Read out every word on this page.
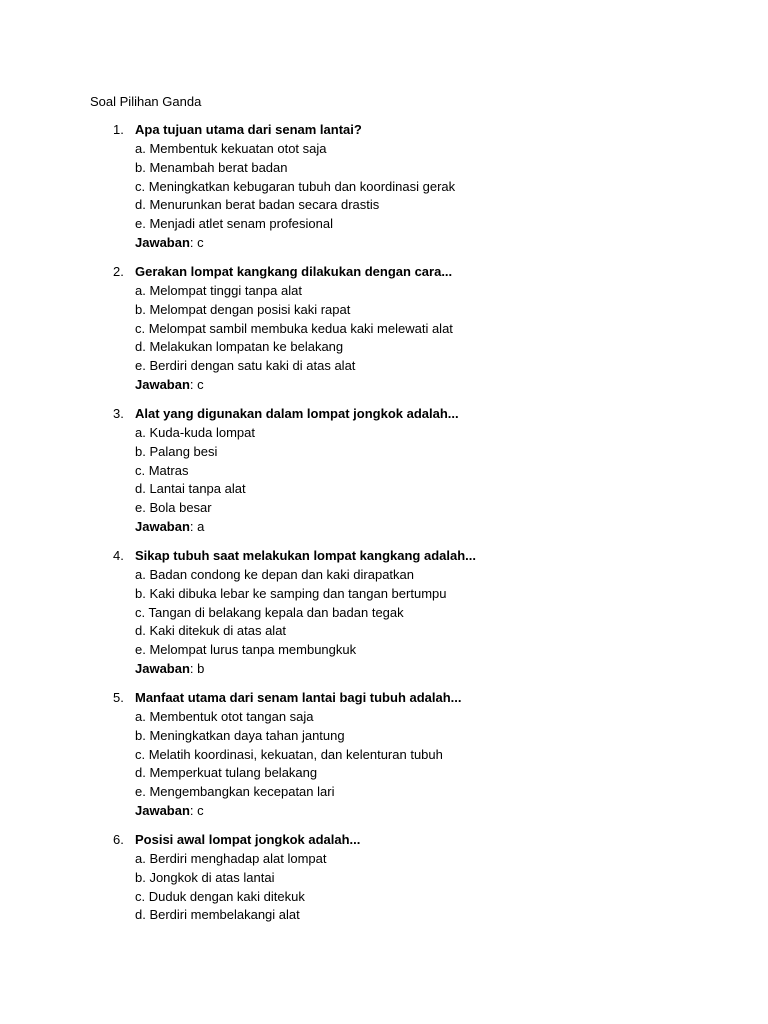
Soal Pilihan Ganda
1. Apa tujuan utama dari senam lantai?
a. Membentuk kekuatan otot saja
b. Menambah berat badan
c. Meningkatkan kebugaran tubuh dan koordinasi gerak
d. Menurunkan berat badan secara drastis
e. Menjadi atlet senam profesional
Jawaban: c
2. Gerakan lompat kangkang dilakukan dengan cara...
a. Melompat tinggi tanpa alat
b. Melompat dengan posisi kaki rapat
c. Melompat sambil membuka kedua kaki melewati alat
d. Melakukan lompatan ke belakang
e. Berdiri dengan satu kaki di atas alat
Jawaban: c
3. Alat yang digunakan dalam lompat jongkok adalah...
a. Kuda-kuda lompat
b. Palang besi
c. Matras
d. Lantai tanpa alat
e. Bola besar
Jawaban: a
4. Sikap tubuh saat melakukan lompat kangkang adalah...
a. Badan condong ke depan dan kaki dirapatkan
b. Kaki dibuka lebar ke samping dan tangan bertumpu
c. Tangan di belakang kepala dan badan tegak
d. Kaki ditekuk di atas alat
e. Melompat lurus tanpa membungkuk
Jawaban: b
5. Manfaat utama dari senam lantai bagi tubuh adalah...
a. Membentuk otot tangan saja
b. Meningkatkan daya tahan jantung
c. Melatih koordinasi, kekuatan, dan kelenturan tubuh
d. Memperkuat tulang belakang
e. Mengembangkan kecepatan lari
Jawaban: c
6. Posisi awal lompat jongkok adalah...
a. Berdiri menghadap alat lompat
b. Jongkok di atas lantai
c. Duduk dengan kaki ditekuk
d. Berdiri membelakangi alat
